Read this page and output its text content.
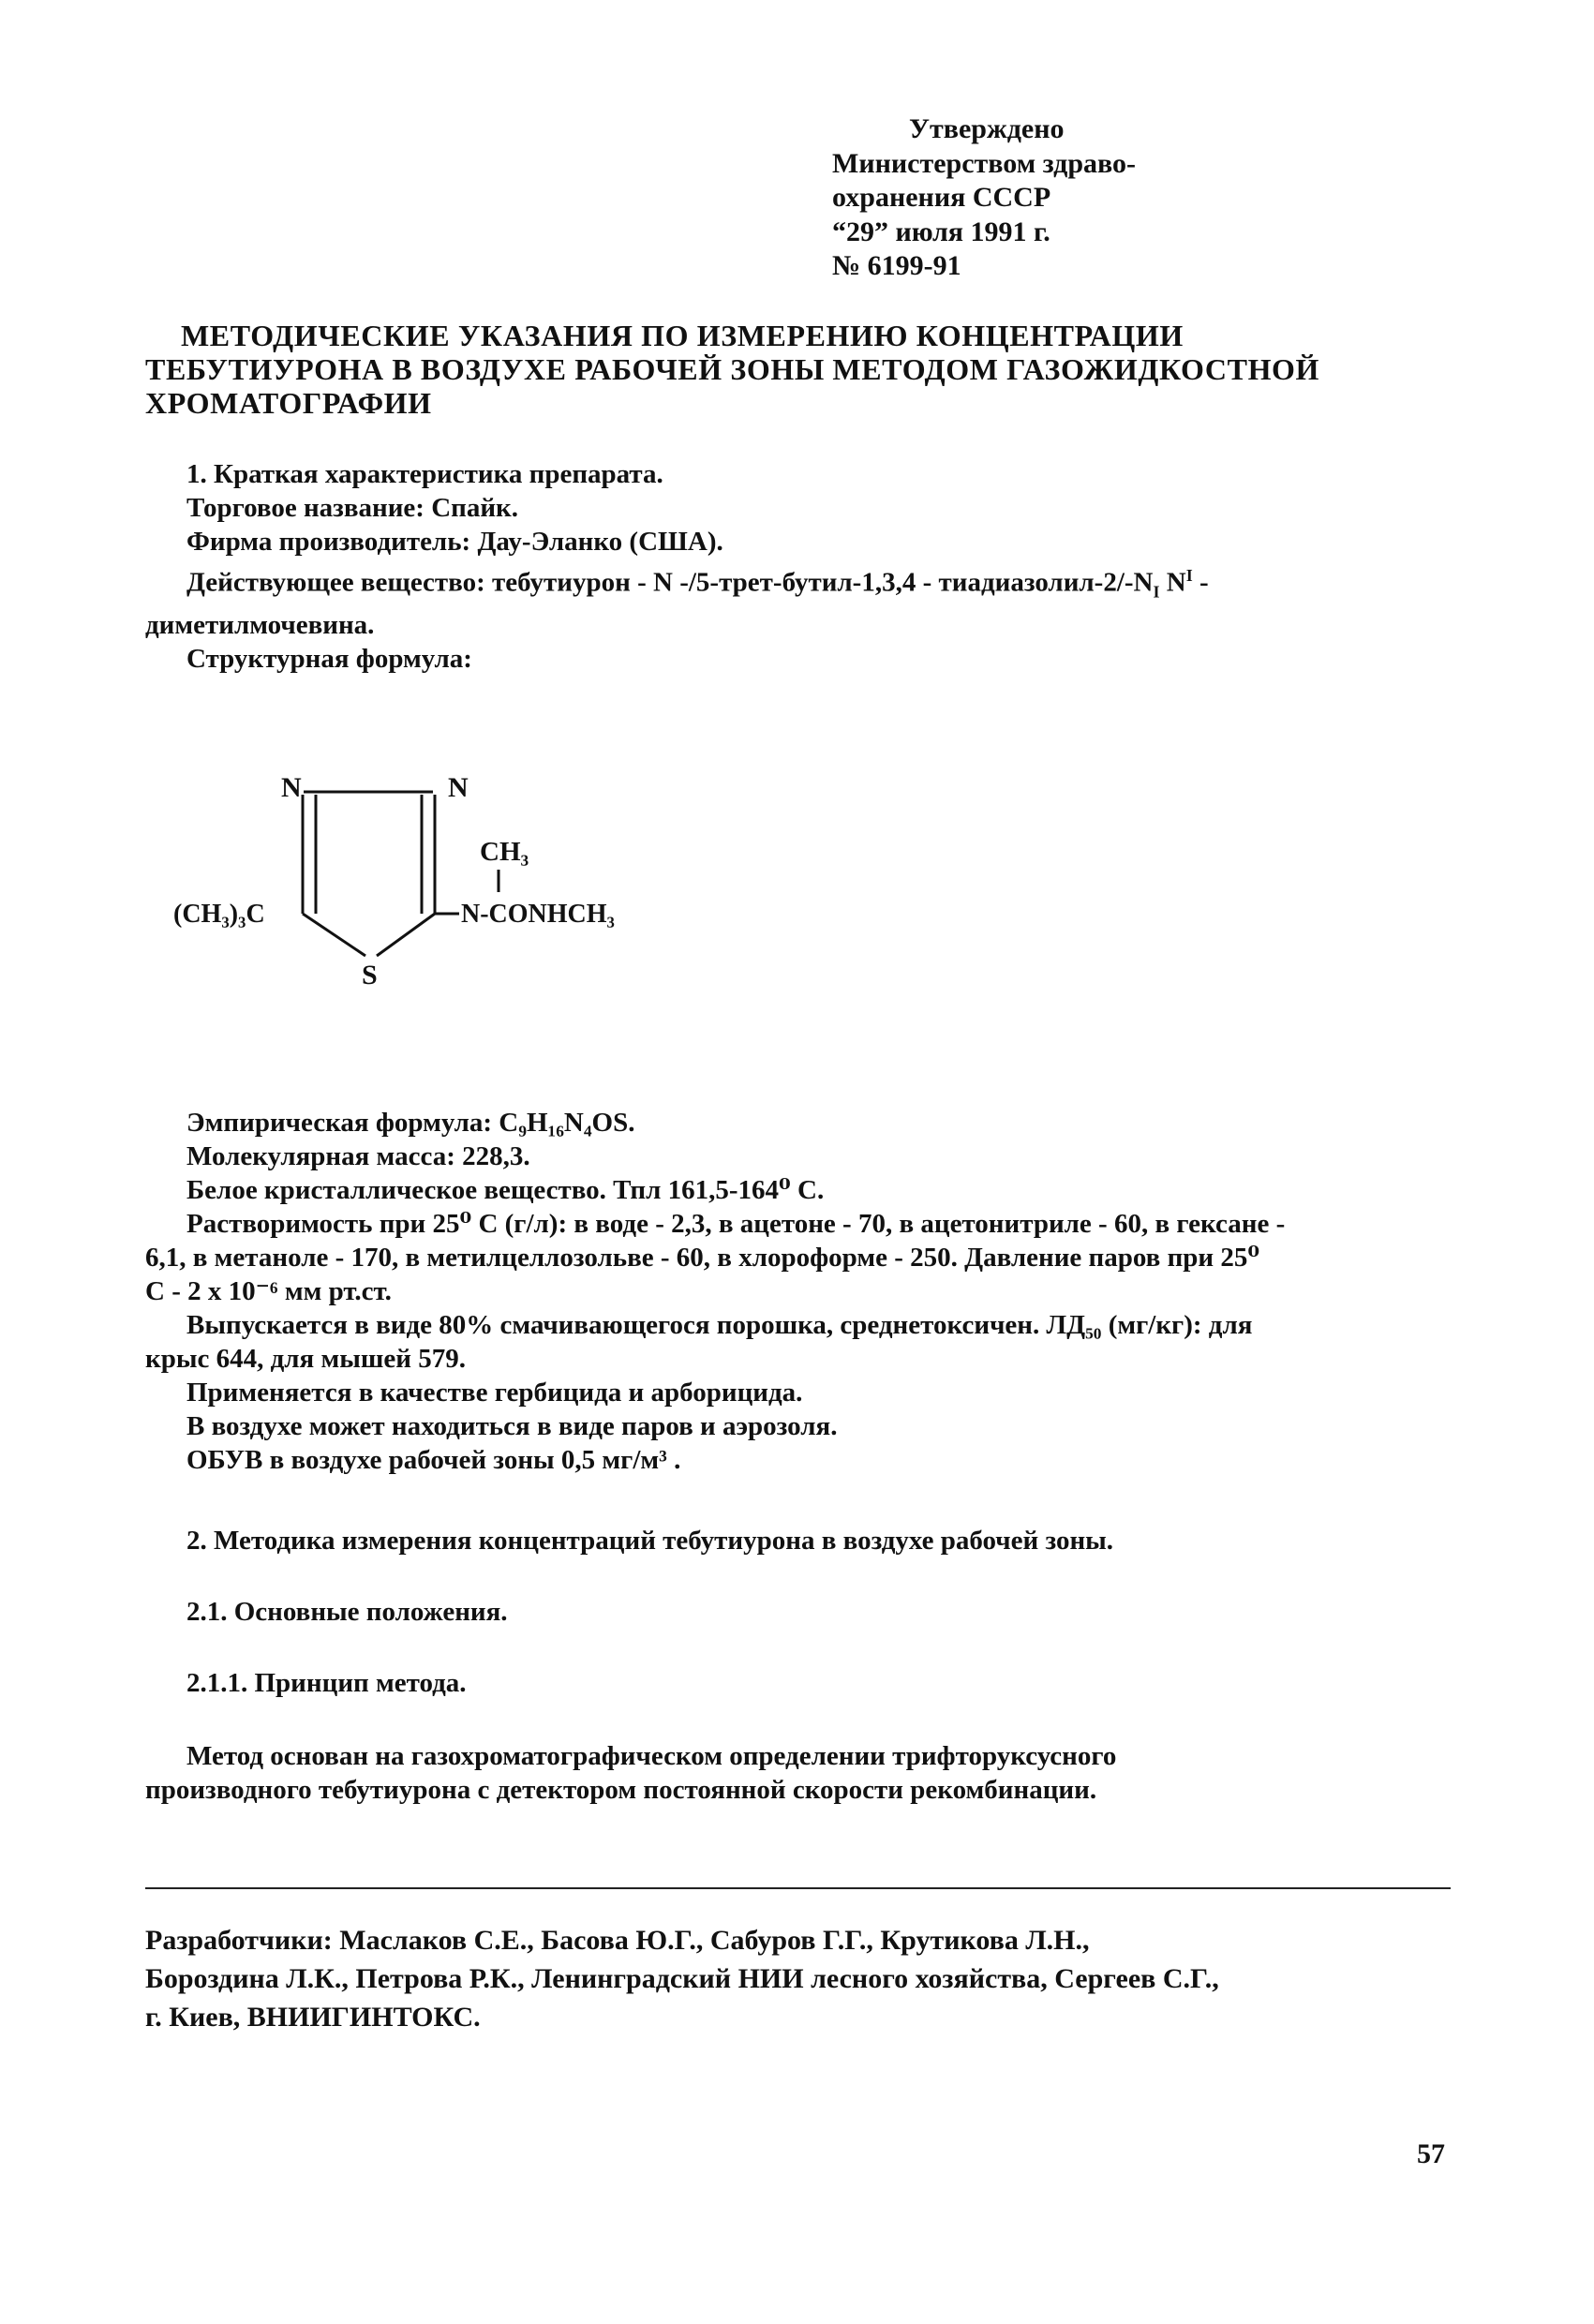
Утверждено
Министерством здраво-
охранения СССР
“29” июля 1991 г.
№ 6199-91
МЕТОДИЧЕСКИЕ УКАЗАНИЯ ПО ИЗМЕРЕНИЮ КОНЦЕНТРАЦИИ
ТЕБУТИУРОНА В ВОЗДУХЕ РАБОЧЕЙ ЗОНЫ МЕТОДОМ ГАЗОЖИДКОСТНОЙ
ХРОМАТОГРАФИИ
1. Краткая характеристика препарата.
Торговое название: Спайк.
Фирма производитель: Дау-Эланко (США).
Действующее вещество: тебутиурон - N -/5-трет-бутил-1,3,4 - тиадиазолил-$2/-N_I$ $N^I$ -
диметилмочевина.
Структурная формула:
N	N
CH₃
(CH₃)₃C	N-CONHCH₃
S
Эмпирическая формула: C₉H₁₆N₄OS.
Молекулярная масса: 228,3.
Белое кристаллическое вещество. Тпл 161,5-164⁰ С.
Растворимость при 25⁰ С (г/л): в воде - 2,3, в ацетоне - 70, в ацетонитриле - 60, в гексане -
6,1, в метаноле - 170, в метилцеллозольве - 60, в хлороформе - 250. Давление паров при 25⁰
С - 2 х 10⁻⁶ мм рт.ст.
Выпускается в виде 80% смачивающегося порошка, среднетоксичен. ЛД₅₀ (мг/кг): для
крыс 644, для мышей 579.
Применяется в качестве гербицида и арборицида.
В воздухе может находиться в виде паров и аэрозоля.
ОБУВ в воздухе рабочей зоны 0,5 мг/м³ .
2. Методика измерения концентраций тебутиурона в воздухе рабочей зоны.
2.1. Основные положения.
2.1.1. Принцип метода.
Метод основан на газохроматографическом определении трифторуксусного
производного тебутиурона с детектором постоянной скорости рекомбинации.
Разработчики: Маслаков С.Е., Басова Ю.Г., Сабуров Г.Г., Крутикова Л.Н.,
Бороздина Л.К., Петрова Р.К., Ленинградский НИИ лесного хозяйства, Сергеев С.Г.,
г. Киев, ВНИИГИНТОКС.
57
